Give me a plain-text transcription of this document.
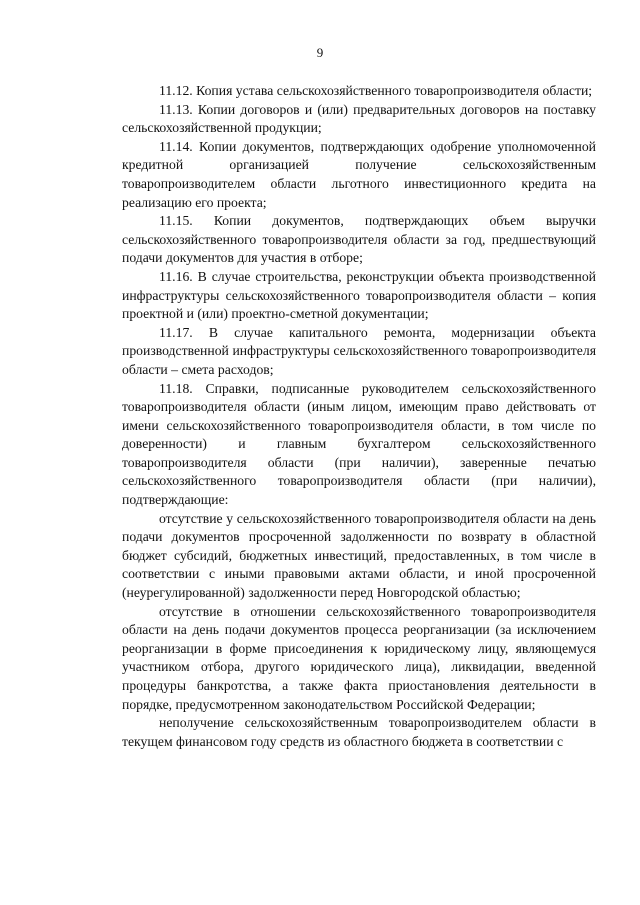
9

11.12. Копия устава сельскохозяйственного товаропроизводителя области;

11.13. Копии договоров и (или) предварительных договоров на поставку сельскохозяйственной продукции;

11.14. Копии документов, подтверждающих одобрение уполномоченной кредитной организацией получение сельскохозяйственным товаропроизводителем области льготного инвестиционного кредита на реализацию его проекта;

11.15. Копии документов, подтверждающих объем выручки сельскохозяйственного товаропроизводителя области за год, предшествующий подачи документов для участия в отборе;

11.16. В случае строительства, реконструкции объекта производственной инфраструктуры сельскохозяйственного товаропроизводителя области – копия проектной и (или) проектно-сметной документации;

11.17. В случае капитального ремонта, модернизации объекта производственной инфраструктуры сельскохозяйственного товаропроизводителя области – смета расходов;

11.18. Справки, подписанные руководителем сельскохозяйственного товаропроизводителя области (иным лицом, имеющим право действовать от имени сельскохозяйственного товаропроизводителя области, в том числе по доверенности) и главным бухгалтером сельскохозяйственного товаропроизводителя области (при наличии), заверенные печатью сельскохозяйственного товаропроизводителя области (при наличии), подтверждающие:

отсутствие у сельскохозяйственного товаропроизводителя области на день подачи документов просроченной задолженности по возврату в областной бюджет субсидий, бюджетных инвестиций, предоставленных, в том числе в соответствии с иными правовыми актами области, и иной просроченной (неурегулированной) задолженности перед Новгородской областью;

отсутствие в отношении сельскохозяйственного товаропроизводителя области на день подачи документов процесса реорганизации (за исключением реорганизации в форме присоединения к юридическому лицу, являющемуся участником отбора, другого юридического лица), ликвидации, введенной процедуры банкротства, а также факта приостановления деятельности в порядке, предусмотренном законодательством Российской Федерации;

неполучение сельскохозяйственным товаропроизводителем области в текущем финансовом году средств из областного бюджета в соответствии с
